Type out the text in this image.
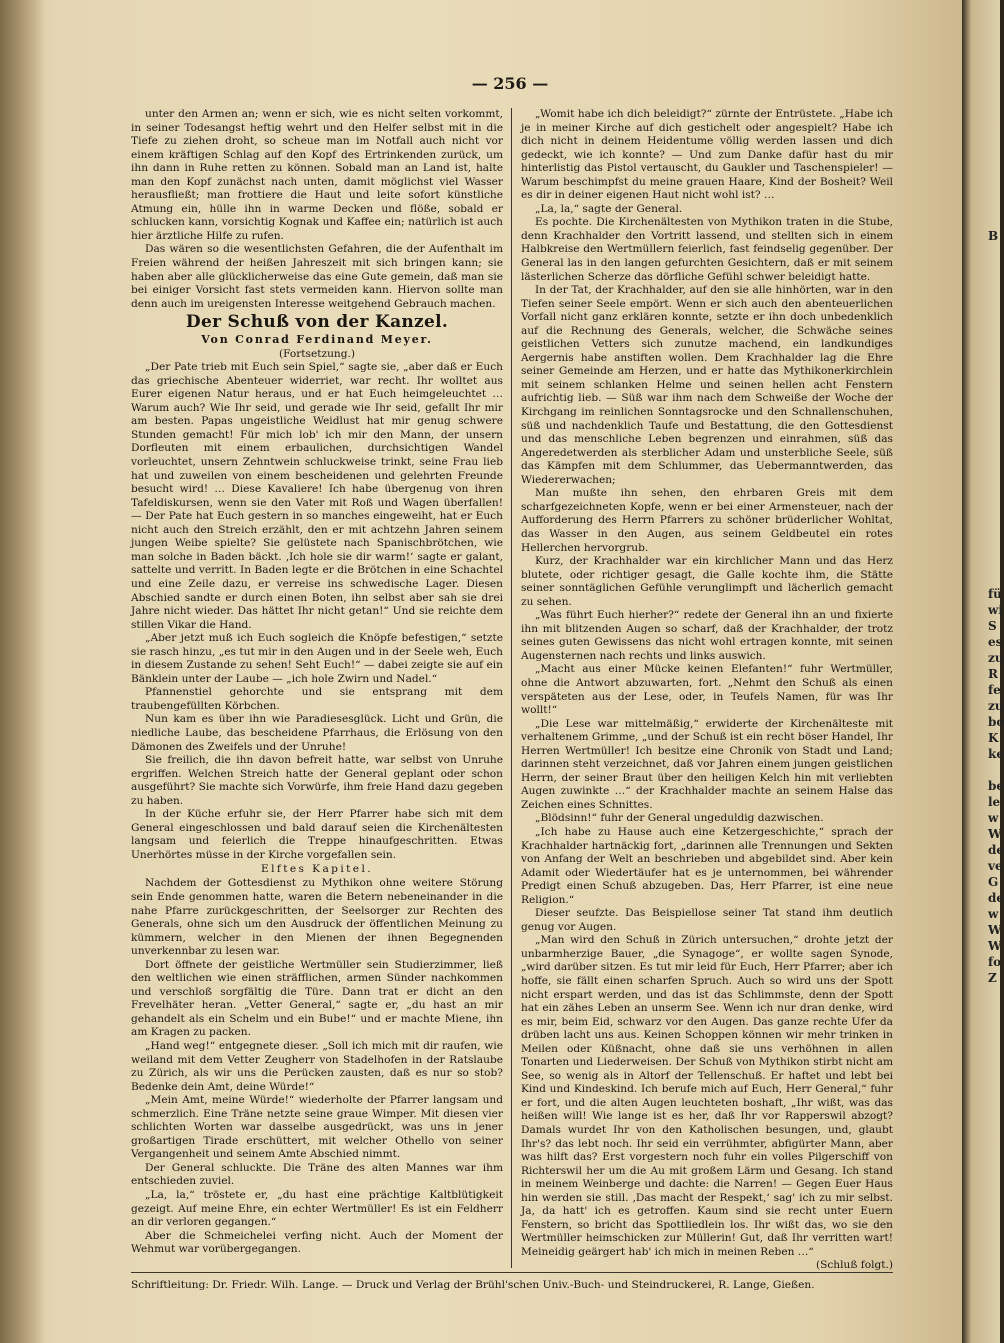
— 256 —

unter den Armen an; wenn er sich, wie es nicht selten vorkommt, in seiner Todesangst heftig wehrt und den Helfer selbst mit in die Tiefe zu ziehen droht, so scheue man im Notfall auch nicht vor einem kräftigen Schlag auf den Kopf des Ertrinkenden zurück, um ihn dann in Ruhe retten zu können. Sobald man an Land ist, halte man den Kopf zunächst nach unten, damit möglichst viel Wasser herausfließt; man frottiere die Haut und leite sofort künstliche Atmung ein, hülle ihn in warme Decken und flöße, sobald er schlucken kann, vorsichtig Kognak und Kaffee ein; natürlich ist auch hier ärztliche Hilfe zu rufen.

Das wären so die wesentlichsten Gefahren, die der Aufenthalt im Freien während der heißen Jahreszeit mit sich bringen kann; sie haben aber alle glücklicherweise das eine Gute gemein, daß man sie bei einiger Vorsicht fast stets vermeiden kann. Hiervon sollte man denn auch im ureigensten Interesse weitgehend Gebrauch machen.

Der Schuß von der Kanzel.

Von Conrad Ferdinand Meyer.

(Fortsetzung.)

„Der Pate trieb mit Euch sein Spiel,“ sagte sie, „aber daß er Euch das griechische Abenteuer widerriet, war recht. Ihr wolltet aus Eurer eigenen Natur heraus, und er hat Euch heimgeleuchtet … Warum auch? Wie Ihr seid, und gerade wie Ihr seid, gefallt Ihr mir am besten. Papas ungeistliche Weidlust hat mir genug schwere Stunden gemacht! Für mich lob' ich mir den Mann, der unsern Dorfleuten mit einem erbaulichen, durchsichtigen Wandel vorleuchtet, unsern Zehntwein schluckweise trinkt, seine Frau lieb hat und zuweilen von einem bescheidenen und gelehrten Freunde besucht wird! … Diese Kavaliere! Ich habe übergenug von ihren Tafeldiskursen, wenn sie den Vater mit Roß und Wagen überfallen! — Der Pate hat Euch gestern in so manches eingeweiht, hat er Euch nicht auch den Streich erzählt, den er mit achtzehn Jahren seinem jungen Weibe spielte? Sie gelüstete nach Spanischbrötchen, wie man solche in Baden bäckt. ‚Ich hole sie dir warm!‘ sagte er galant, sattelte und verritt. In Baden legte er die Brötchen in eine Schachtel und eine Zeile dazu, er verreise ins schwedische Lager. Diesen Abschied sandte er durch einen Boten, ihn selbst aber sah sie drei Jahre nicht wieder. Das hättet Ihr nicht getan!“ Und sie reichte dem stillen Vikar die Hand.

„Aber jetzt muß ich Euch sogleich die Knöpfe befestigen,“ setzte sie rasch hinzu, „es tut mir in den Augen und in der Seele weh, Euch in diesem Zustande zu sehen! Seht Euch!“ — dabei zeigte sie auf ein Bänklein unter der Laube — „ich hole Zwirn und Nadel.“

Pfannenstiel gehorchte und sie entsprang mit dem traubengefüllten Körbchen.

Nun kam es über ihn wie Paradiesesglück. Licht und Grün, die niedliche Laube, das bescheidene Pfarrhaus, die Erlösung von den Dämonen des Zweifels und der Unruhe!

Sie freilich, die ihn davon befreit hatte, war selbst von Unruhe ergriffen. Welchen Streich hatte der General geplant oder schon ausgeführt? Sie machte sich Vorwürfe, ihm freie Hand dazu gegeben zu haben.

In der Küche erfuhr sie, der Herr Pfarrer habe sich mit dem General eingeschlossen und bald darauf seien die Kirchenältesten langsam und feierlich die Treppe hinaufgeschritten. Etwas Unerhörtes müsse in der Kirche vorgefallen sein.

Elftes Kapitel.

Nachdem der Gottesdienst zu Mythikon ohne weitere Störung sein Ende genommen hatte, waren die Betern nebeneinander in die nahe Pfarre zurückgeschritten, der Seelsorger zur Rechten des Generals, ohne sich um den Ausdruck der öffentlichen Meinung zu kümmern, welcher in den Mienen der ihnen Begegnenden unverkennbar zu lesen war.

Dort öffnete der geistliche Wertmüller sein Studierzimmer, ließ den weltlichen wie einen sträfflichen, armen Sünder nachkommen und verschloß sorgfältig die Türe. Dann trat er dicht an den Frevelhäter heran. „Vetter General,“ sagte er, „du hast an mir gehandelt als ein Schelm und ein Bube!“ und er machte Miene, ihn am Kragen zu packen.

„Hand weg!“ entgegnete dieser. „Soll ich mich mit dir raufen, wie weiland mit dem Vetter Zeugherr von Stadelhofen in der Ratslaube zu Zürich, als wir uns die Perücken zausten, daß es nur so stob? Bedenke dein Amt, deine Würde!“

„Mein Amt, meine Würde!“ wiederholte der Pfarrer langsam und schmerzlich. Eine Träne netzte seine graue Wimper. Mit diesen vier schlichten Worten war dasselbe ausgedrückt, was uns in jener großartigen Tirade erschüttert, mit welcher Othello von seiner Vergangenheit und seinem Amte Abschied nimmt.

Der General schluckte. Die Träne des alten Mannes war ihm entschieden zuviel.

„La, la,“ tröstete er, „du hast eine prächtige Kaltblütigkeit gezeigt. Auf meine Ehre, ein echter Wertmüller! Es ist ein Feldherr an dir verloren gegangen.“

Aber die Schmeichelei verfing nicht. Auch der Moment der Wehmut war vorübergegangen.

„Womit habe ich dich beleidigt?“ zürnte der Entrüstete. „Habe ich je in meiner Kirche auf dich gestichelt oder angespielt? Habe ich dich nicht in deinem Heidentume völlig werden lassen und dich gedeckt, wie ich konnte? — Und zum Danke dafür hast du mir hinterlistig das Pistol vertauscht, du Gaukler und Taschenspieler! — Warum beschimpfst du meine grauen Haare, Kind der Bosheit? Weil es dir in deiner eigenen Haut nicht wohl ist? …

„La, la,“ sagte der General.

Es pochte. Die Kirchenältesten von Mythikon traten in die Stube, denn Krachhalder den Vortritt lassend, und stellten sich in einem Halbkreise den Wertmüllern feierlich, fast feindselig gegenüber. Der General las in den langen gefurchten Gesichtern, daß er mit seinem lästerlichen Scherze das dörfliche Gefühl schwer beleidigt hatte.

In der Tat, der Krachhalder, auf den sie alle hinhörten, war in den Tiefen seiner Seele empört. Wenn er sich auch den abenteuerlichen Vorfall nicht ganz erklären konnte, setzte er ihn doch unbedenklich auf die Rechnung des Generals, welcher, die Schwäche seines geistlichen Vetters sich zunutze machend, ein landkundiges Aergernis habe anstiften wollen. Dem Krachhalder lag die Ehre seiner Gemeinde am Herzen, und er hatte das Mythikonerkirchlein mit seinem schlanken Helme und seinen hellen acht Fenstern aufrichtig lieb. — Süß war ihm nach dem Schweiße der Woche der Kirchgang im reinlichen Sonntagsrocke und den Schnallenschuhen, süß und nachdenklich Taufe und Bestattung, die den Gottesdienst und das menschliche Leben begrenzen und einrahmen, süß das Angeredetwerden als sterblicher Adam und unsterbliche Seele, süß das Kämpfen mit dem Schlummer, das Uebermanntwerden, das Wiedererwachen;

Man mußte ihn sehen, den ehrbaren Greis mit dem scharfgezeichneten Kopfe, wenn er bei einer Armensteuer, nach der Aufforderung des Herrn Pfarrers zu schöner brüderlicher Wohltat, das Wasser in den Augen, aus seinem Geldbeutel ein rotes Hellerchen hervorgrub.

Kurz, der Krachhalder war ein kirchlicher Mann und das Herz blutete, oder richtiger gesagt, die Galle kochte ihm, die Stätte seiner sonntäglichen Gefühle verunglimpft und lächerlich gemacht zu sehen.

„Was führt Euch hierher?“ redete der General ihn an und fixierte ihn mit blitzenden Augen so scharf, daß der Krachhalder, der trotz seines guten Gewissens das nicht wohl ertragen konnte, mit seinen Augensternen nach rechts und links auswich.

„Macht aus einer Mücke keinen Elefanten!“ fuhr Wertmüller, ohne die Antwort abzuwarten, fort. „Nehmt den Schuß als einen verspäteten aus der Lese, oder, in Teufels Namen, für was Ihr wollt!“

„Die Lese war mittelmäßig,“ erwiderte der Kirchenälteste mit verhaltenem Grimme, „und der Schuß ist ein recht böser Handel, Ihr Herren Wertmüller! Ich besitze eine Chronik von Stadt und Land; darinnen steht verzeichnet, daß vor Jahren einem jungen geistlichen Herrn, der seiner Braut über den heiligen Kelch hin mit verliebten Augen zuwinkte …“ der Krachhalder machte an seinem Halse das Zeichen eines Schnittes.

„Blödsinn!“ fuhr der General ungeduldig dazwischen.

„Ich habe zu Hause auch eine Ketzergeschichte,“ sprach der Krachhalder hartnäckig fort, „darinnen alle Trennungen und Sekten von Anfang der Welt an beschrieben und abgebildet sind. Aber kein Adamit oder Wiedertäufer hat es je unternommen, bei währender Predigt einen Schuß abzugeben. Das, Herr Pfarrer, ist eine neue Religion.“

Dieser seufzte. Das Beispiellose seiner Tat stand ihm deutlich genug vor Augen.

„Man wird den Schuß in Zürich untersuchen,“ drohte jetzt der unbarmherzige Bauer, „die Synagoge“, er wollte sagen Synode, „wird darüber sitzen. Es tut mir leid für Euch, Herr Pfarrer; aber ich hoffe, sie fällt einen scharfen Spruch. Auch so wird uns der Spott nicht erspart werden, und das ist das Schlimmste, denn der Spott hat ein zähes Leben an unserm See. Wenn ich nur dran denke, wird es mir, beim Eid, schwarz vor den Augen. Das ganze rechte Ufer da drüben lacht uns aus. Keinen Schoppen können wir mehr trinken in Meilen oder Küßnacht, ohne daß sie uns verhöhnen in allen Tonarten und Liederweisen. Der Schuß von Mythikon stirbt nicht am See, so wenig als in Altorf der Tellenschuß. Er haftet und lebt bei Kind und Kindeskind. Ich berufe mich auf Euch, Herr General,“ fuhr er fort, und die alten Augen leuchteten boshaft, „Ihr wißt, was das heißen will! Wie lange ist es her, daß Ihr vor Rapperswil abzogt? Damals wurdet Ihr von den Katholischen besungen, und, glaubt Ihr's? das lebt noch. Ihr seid ein verrühmter, abfigürter Mann, aber was hilft das? Erst vorgestern noch fuhr ein volles Pilgerschiff von Richterswil her um die Au mit großem Lärm und Gesang. Ich stand in meinem Weinberge und dachte: die Narren! — Gegen Euer Haus hin werden sie still. ‚Das macht der Respekt,‘ sag' ich zu mir selbst. Ja, da hatt' ich es getroffen. Kaum sind sie recht unter Euern Fenstern, so bricht das Spottliedlein los. Ihr wißt das, wo sie den Wertmüller heimschicken zur Müllerin! Gut, daß Ihr verritten wart! Meineidig geärgert hab' ich mich in meinen Reben …“

(Schluß folgt.)

Schriftleitung: Dr. Friedr. Wilh. Lange. — Druck und Verlag der Brühl'schen Univ.-Buch- und Steindruckerei, R. Lange, Gießen.
B
fü
wi
S
es
zu
R
fe
zu
bo
K
ke
be
le
w
W
de
ve
G
de
w
W
W
fo
Z
